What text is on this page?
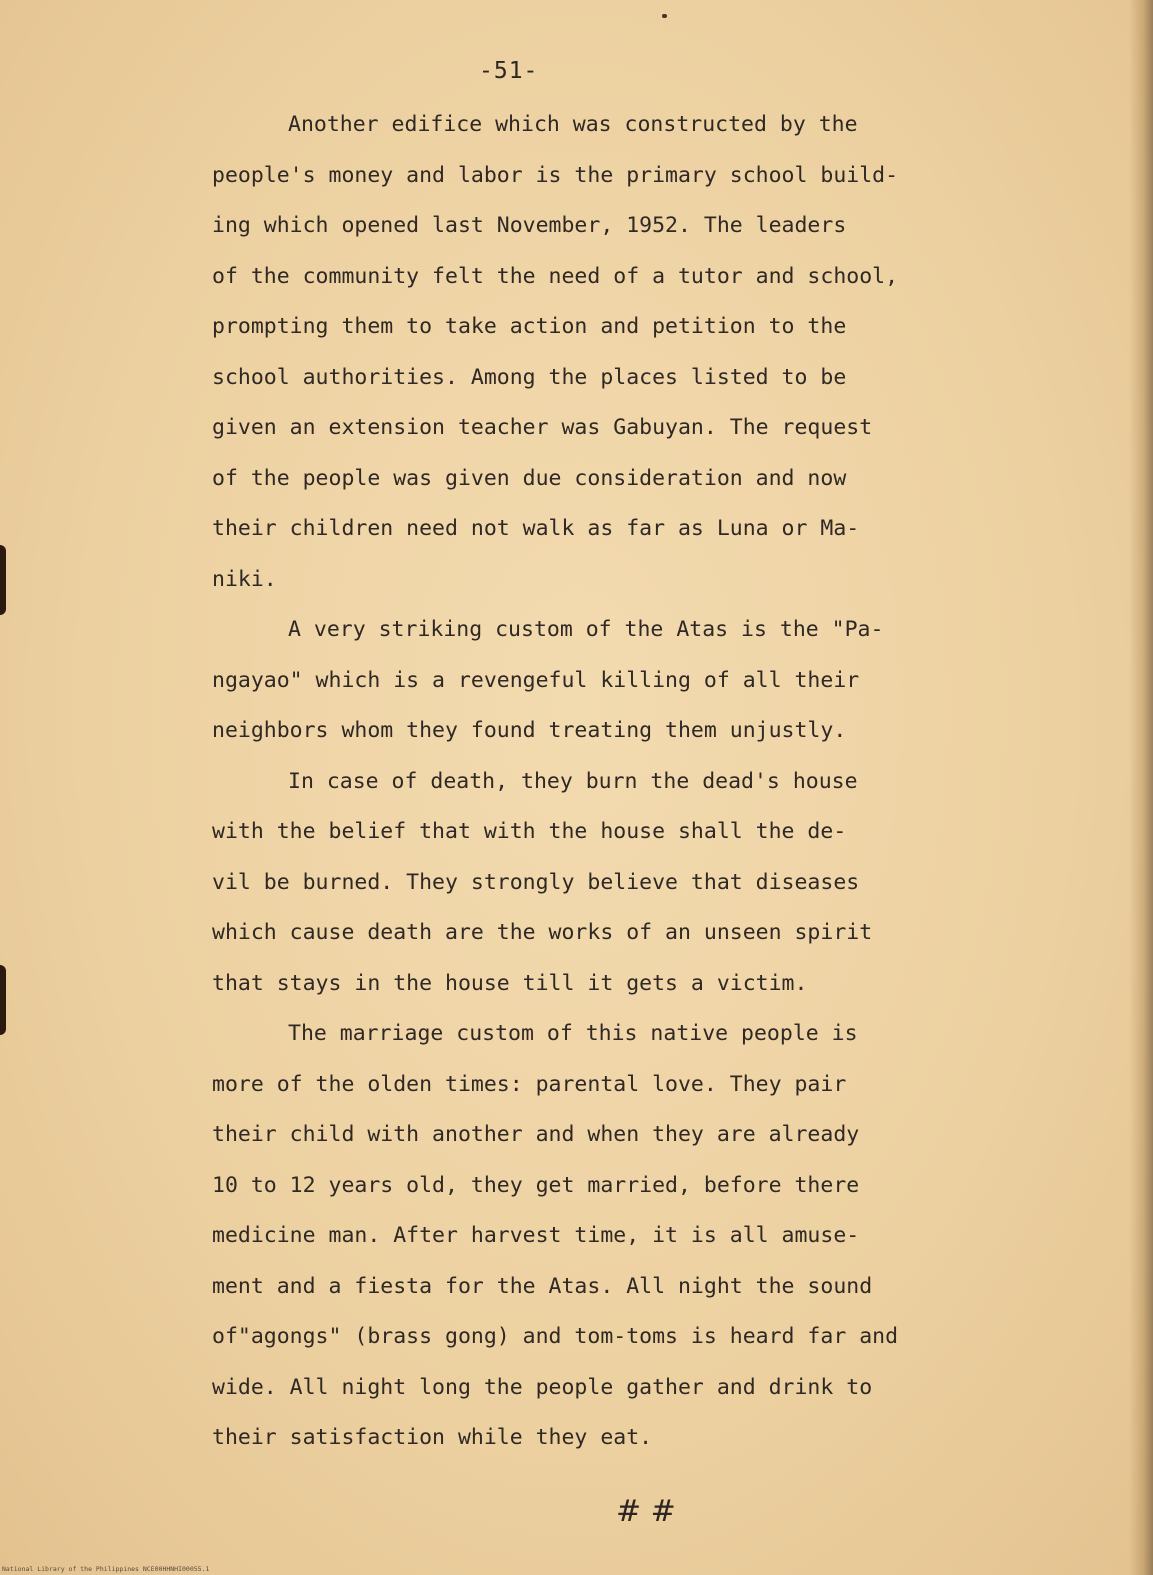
-51-
Another edifice which was constructed by the
people's money and labor is the primary school build-
ing which opened last November, 1952. The leaders
of the community felt the need of a tutor and school,
prompting them to take action and petition to the
school authorities. Among the places listed to be
given an extension teacher was Gabuyan. The request
of the people was given due consideration and now
their children need not walk as far as Luna or Ma-
niki.
A very striking custom of the Atas is the "Pa-
ngayao" which is a revengeful killing of all their
neighbors whom they found treating them unjustly.
In case of death, they burn the dead's house
with the belief that with the house shall the de-
vil be burned. They strongly believe that diseases
which cause death are the works of an unseen spirit
that stays in the house till it gets a victim.
The marriage custom of this native people is
more of the olden times: parental love. They pair
their child with another and when they are already
10 to 12 years old, they get married, before there
medicine man. After harvest time, it is all amuse-
ment and a fiesta for the Atas. All night the sound
of"agongs" (brass gong) and tom-toms is heard far and
wide. All night long the people gather and drink to
their satisfaction while they eat.
# #
National Library of the Philippines NCE00HHNHI00055.1
